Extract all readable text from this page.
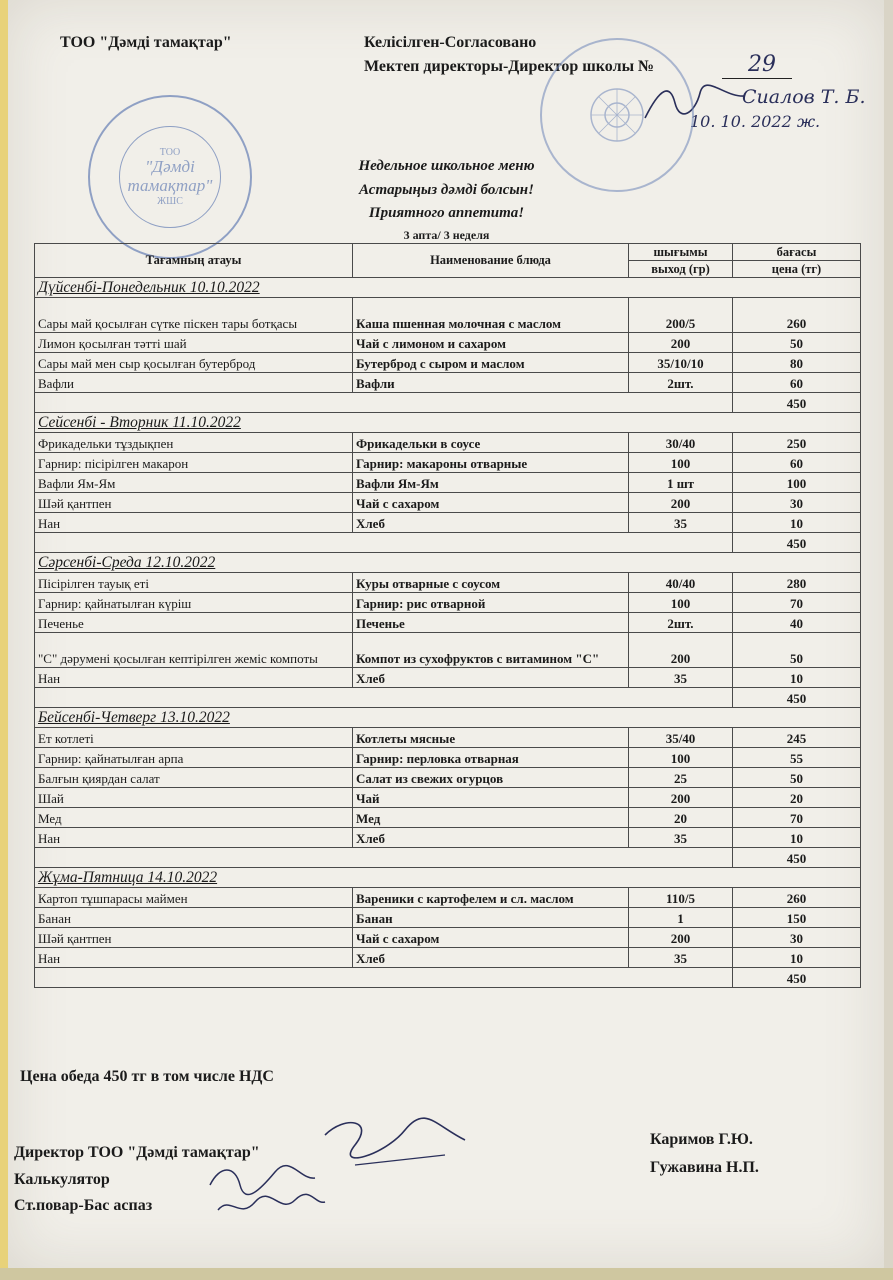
ТОО "Дәмді тамақтар"	Келісілген-Согласовано
Мектеп директоры-Директор школы №	29
Сиалов Т. Б.
10. 10. 2022 ж.
ТОО
"Дәмді тамақтар"
ЖШС
Недельное школьное меню
Астарыңыз дәмді болсын!
Приятного аппетита!
3 апта/ 3 неделя
Тағамның атауы	Наименование блюда	шығымы	бағасы
		выход (гр)	цена (тг)
Дүйсенбі-Понедельник 10.10.2022			
Сары май қосылған сүтке піскен тары ботқасы	Каша пшенная молочная с маслом	200/5	260
Лимон қосылған тәтті шай	Чай с лимоном и сахаром	200	50
Сары май мен сыр қосылған бутерброд	Бутерброд с сыром и маслом	35/10/10	80
Вафли	Вафли	2шт.	60
			450
Сейсенбі - Вторник 11.10.2022			
Фрикадельки тұздықпен	Фрикадельки в соусе	30/40	250
Гарнир: пісірілген макарон	Гарнир: макароны отварные	100	60
Вафли Ям-Ям	Вафли Ям-Ям	1 шт	100
Шәй қантпен	Чай с сахаром	200	30
Нан	Хлеб	35	10
			450
Сәрсенбі-Среда 12.10.2022			
Пісірілген тауық еті	Куры отварные с соусом	40/40	280
Гарнир: қайнатылған күріш	Гарнир: рис отварной	100	70
Печенье	Печенье	2шт.	40
"С" дәрумені қосылған кептірілген жеміс компоты	Компот из сухофруктов с витамином "С"	200	50
Нан	Хлеб	35	10
			450
Бейсенбі-Четверг 13.10.2022			
Ет котлеті	Котлеты мясные	35/40	245
Гарнир: қайнатылған арпа	Гарнир: перловка отварная	100	55
Балғын қиярдан салат	Салат из свежих огурцов	25	50
Шай	Чай	200	20
Мед	Мед	20	70
Нан	Хлеб	35	10
			450
Жұма-Пятница 14.10.2022			
Картоп тұшпарасы маймен	Вареники с картофелем и сл. маслом	110/5	260
Банан	Банан	1	150
Шәй қантпен	Чай с сахаром	200	30
Нан	Хлеб	35	10
			450
Цена обеда 450 тг в том числе НДС
Директор ТОО "Дәмді тамақтар"
Калькулятор
Ст.повар-Бас аспаз
Каримов Г.Ю.
Гужавина Н.П.
